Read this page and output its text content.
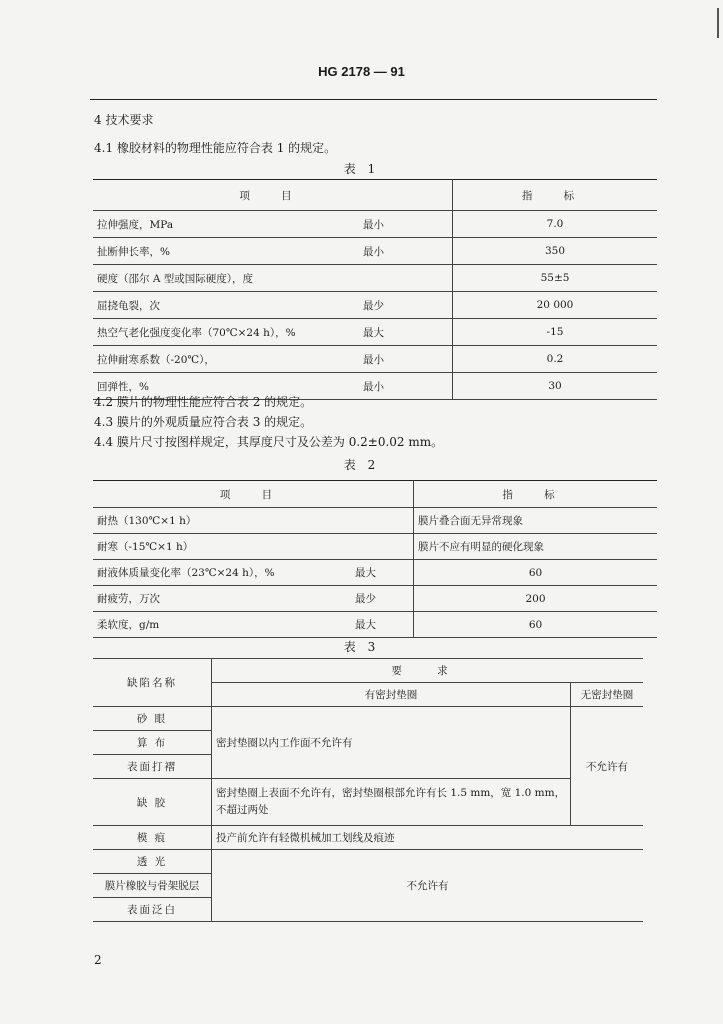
HG 2178 — 91
4 技术要求
4.1 橡胶材料的物理性能应符合表 1 的规定。
表 1
项 目		指 标
拉伸强度，MPa	最小	7.0
扯断伸长率，%	最小	350
硬度（邵尔 A 型或国际硬度），度		55±5
屈挠龟裂，次	最少	20 000
热空气老化强度变化率（70℃×24 h），%	最大	-15
拉伸耐寒系数（-20℃），	最小	0.2
回弹性，%	最小	30
4.2 膜片的物理性能应符合表 2 的规定。
4.3 膜片的外观质量应符合表 3 的规定。
4.4 膜片尺寸按图样规定，其厚度尺寸及公差为 0.2±0.02 mm。
表 2
项 目		指 标
耐热（130℃×1 h）		膜片叠合面无异常现象
耐寒（-15℃×1 h）		膜片不应有明显的硬化现象
耐液体质量变化率（23℃×24 h），%	最大	60
耐疲劳，万次	最少	200
柔软度，g/m	最大	60
表 3
缺陷名称	要 求	
	有密封垫圈	无密封垫圈
砂 眼	密封垫圈以内工作面不允许有	不允许有
算 布		
表面打褶		
缺 胶	密封垫圈上表面不允许有，密封垫圈根部允许有长 1.5 mm，宽 1.0 mm，不超过两处	
模 痕	投产前允许有轻微机械加工划线及痕迹	
透 光	不允许有	
膜片橡胶与骨架脱层		
表面泛白		
2
